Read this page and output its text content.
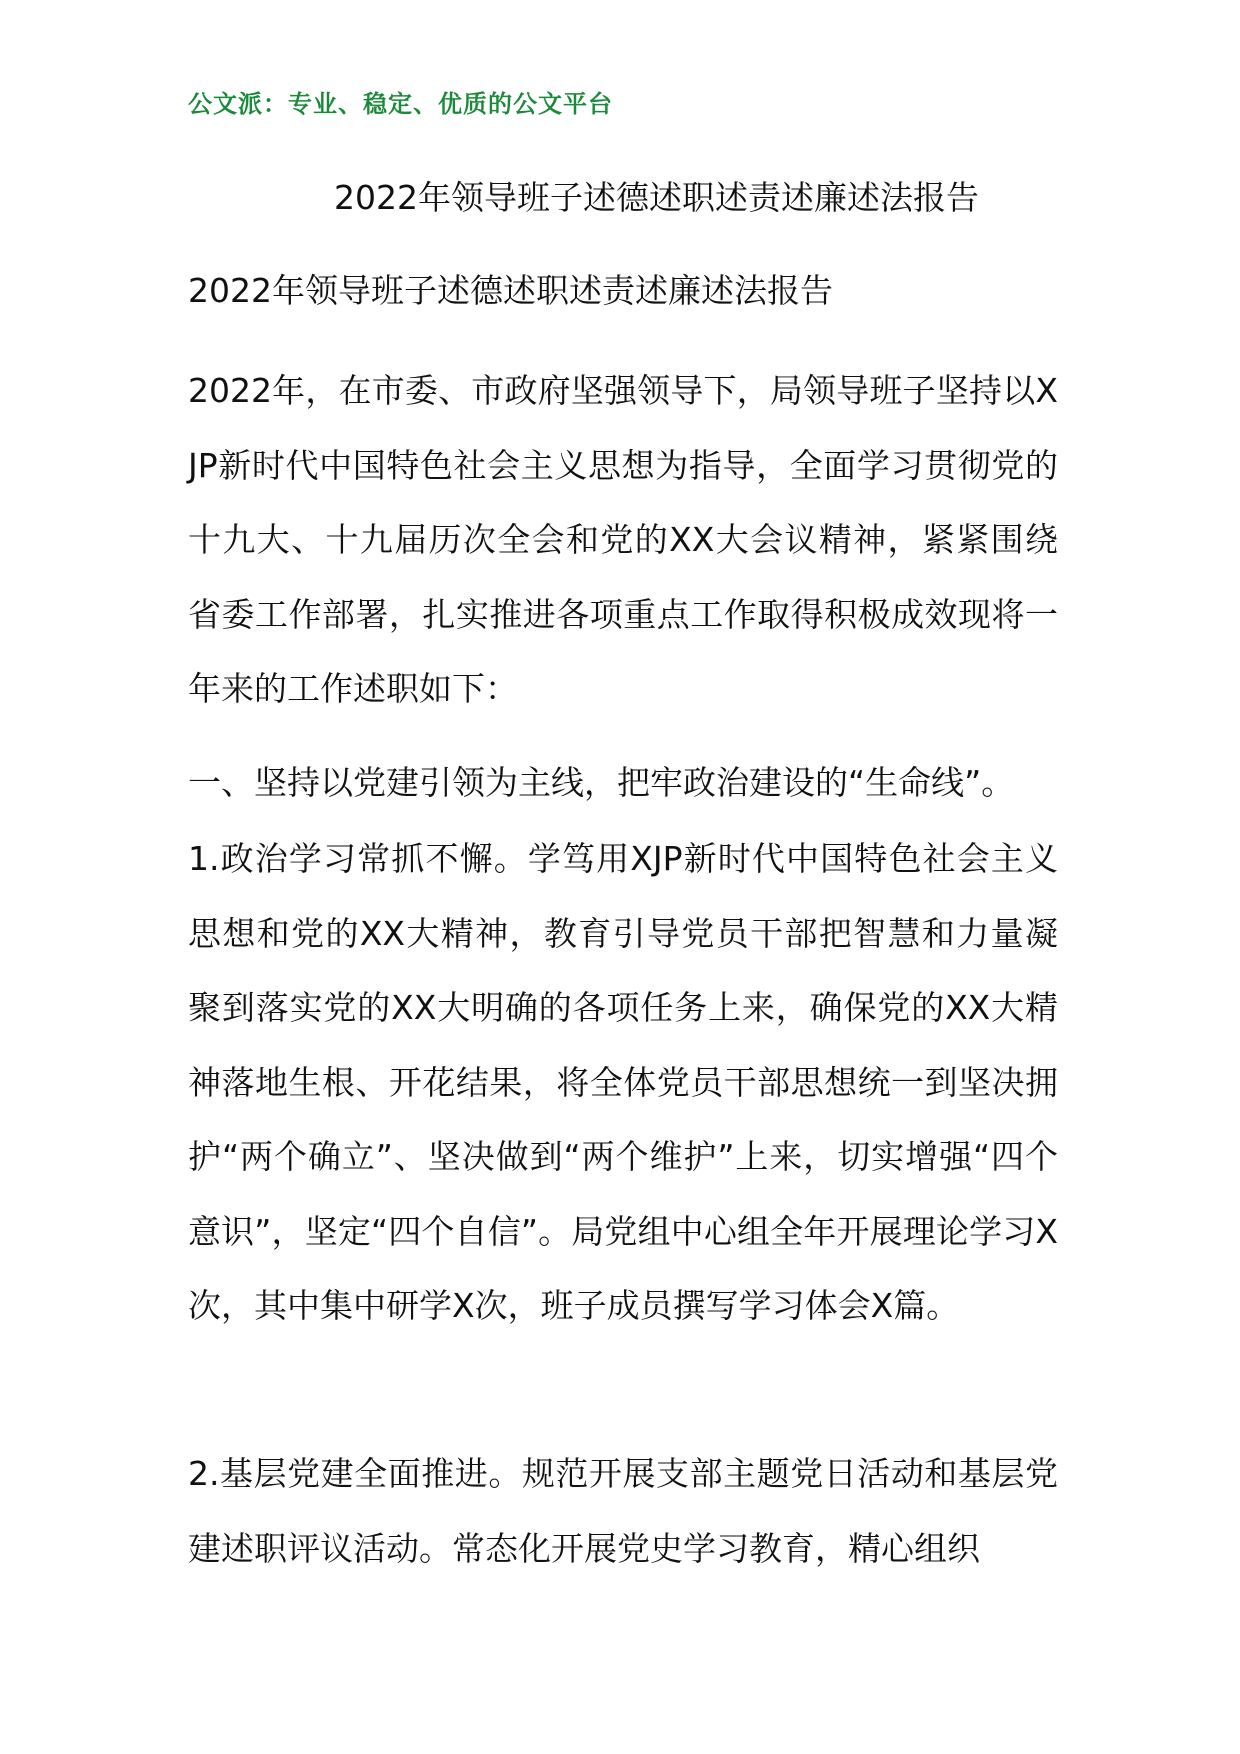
公文派：专业、稳定、优质的公文平台
2022年领导班子述德述职述责述廉述法报告
2022年领导班子述德述职述责述廉述法报告

2022年，在市委、市政府坚强领导下，局领导班子坚持以XJP新时代中国特色社会主义思想为指导，全面学习贯彻党的十九大、十九届历次全会和党的XX大会议精神，紧紧围绕省委工作部署，扎实推进各项重点工作取得积极成效现将一年来的工作述职如下：

一、坚持以党建引领为主线，把牢政治建设的“生命线”。

1.政治学习常抓不懈。学笃用XJP新时代中国特色社会主义思想和党的XX大精神，教育引导党员干部把智慧和力量凝聚到落实党的XX大明确的各项任务上来，确保党的XX大精神落地生根、开花结果，将全体党员干部思想统一到坚决拥护“两个确立”、坚决做到“两个维护”上来，切实增强“四个意识”，坚定“四个自信”。局党组中心组全年开展理论学习X次，其中集中研学X次，班子成员撰写学习体会X篇。

2.基层党建全面推进。规范开展支部主题党日活动和基层党建述职评议活动。常态化开展党史学习教育，精心组织
